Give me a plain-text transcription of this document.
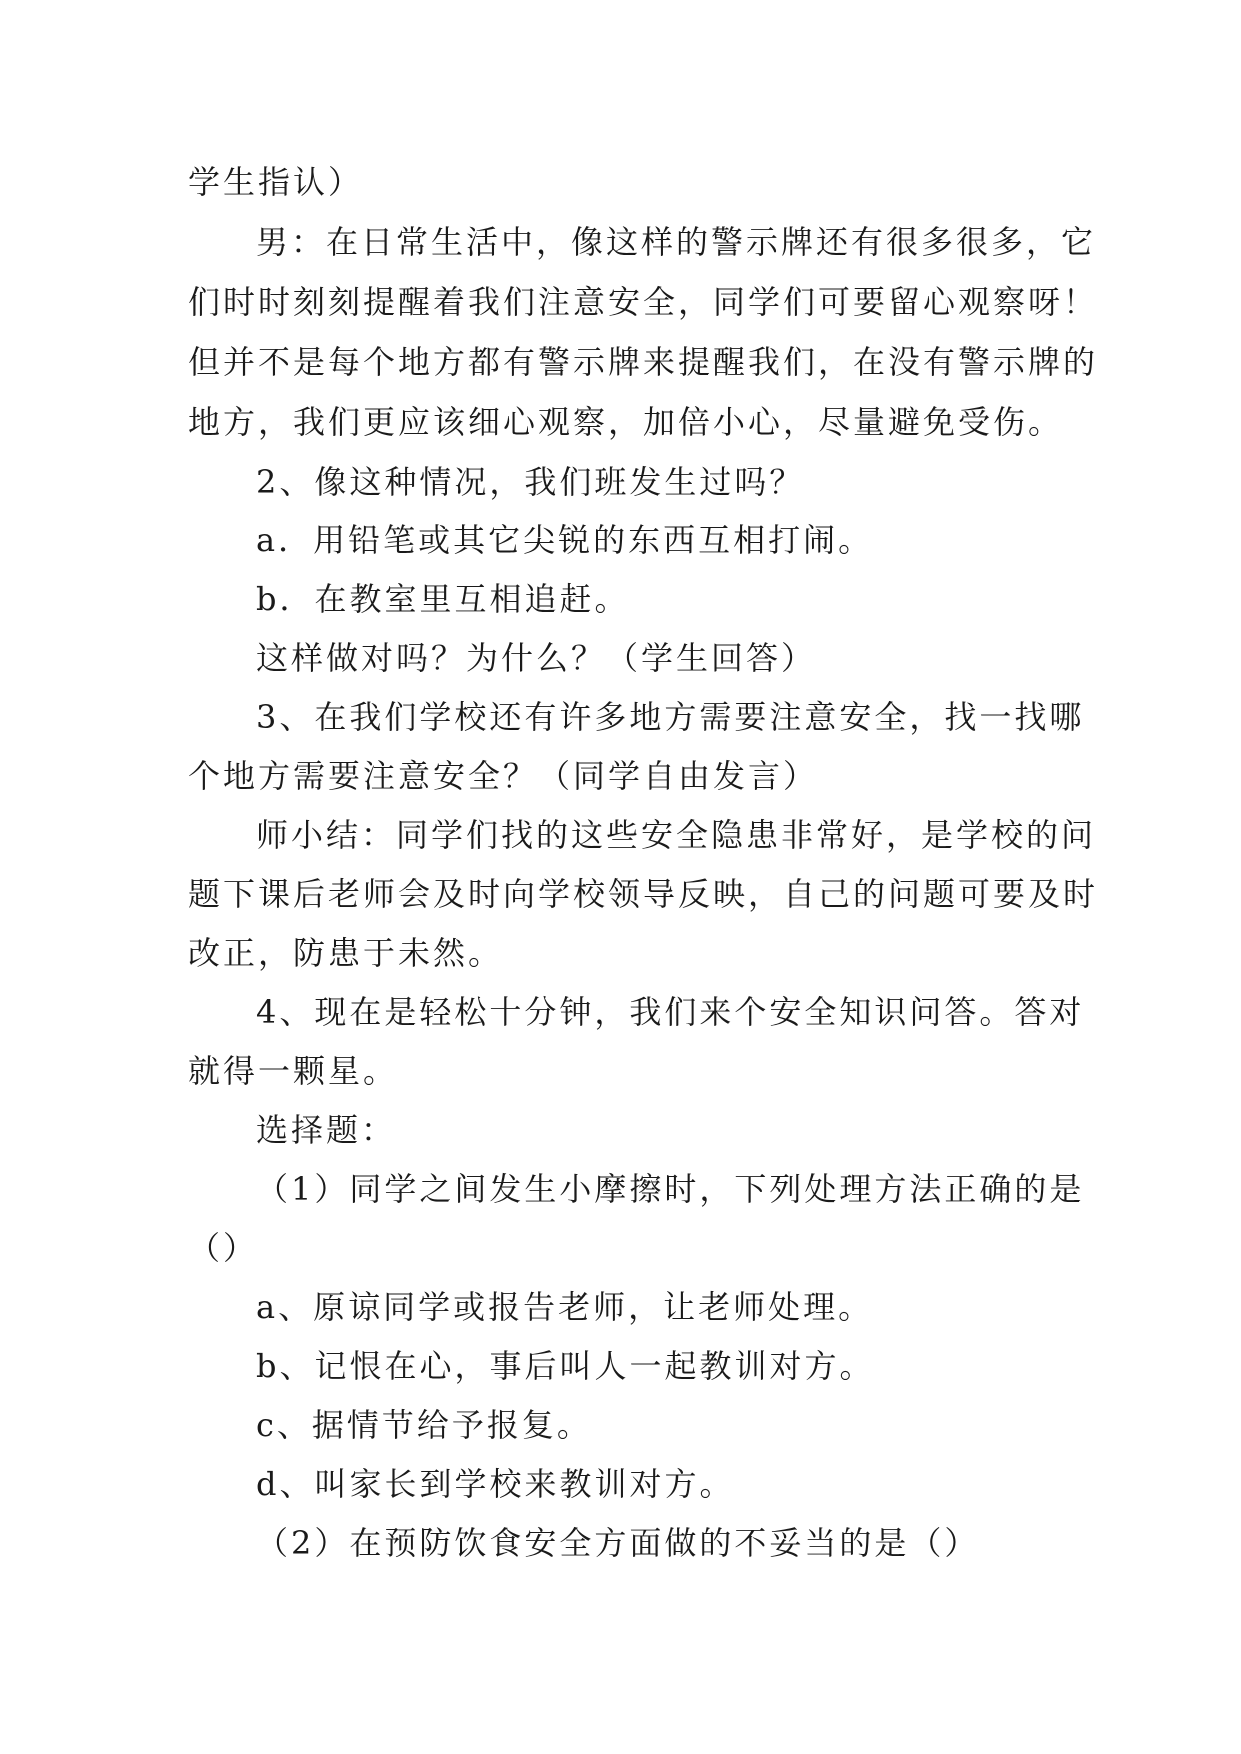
学生指认）
男：在日常生活中，像这样的警示牌还有很多很多，它
们时时刻刻提醒着我们注意安全，同学们可要留心观察呀！
但并不是每个地方都有警示牌来提醒我们，在没有警示牌的
地方，我们更应该细心观察，加倍小心，尽量避免受伤。
2、像这种情况，我们班发生过吗？
a．用铅笔或其它尖锐的东西互相打闹。
b．在教室里互相追赶。
这样做对吗？为什么？（学生回答）
3、在我们学校还有许多地方需要注意安全，找一找哪
个地方需要注意安全？（同学自由发言）
师小结：同学们找的这些安全隐患非常好，是学校的问
题下课后老师会及时向学校领导反映，自己的问题可要及时
改正，防患于未然。
4、现在是轻松十分钟，我们来个安全知识问答。答对
就得一颗星。
选择题：
（1）同学之间发生小摩擦时，下列处理方法正确的是
（）
a、原谅同学或报告老师，让老师处理。
b、记恨在心，事后叫人一起教训对方。
c、据情节给予报复。
d、叫家长到学校来教训对方。
（2）在预防饮食安全方面做的不妥当的是（）
